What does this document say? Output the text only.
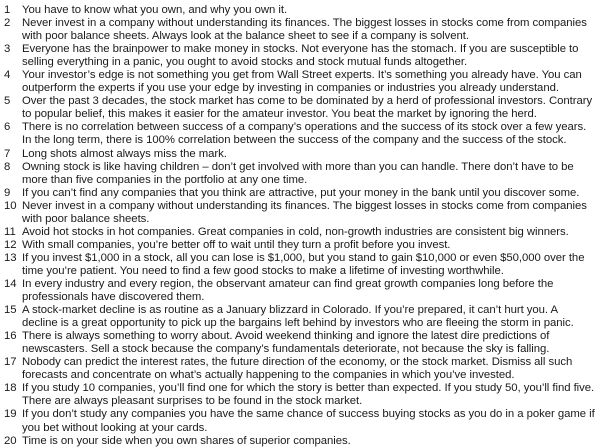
1	You have to know what you own, and why you own it.
2	Never invest in a company without understanding its finances. The biggest losses in stocks come from companies with poor balance sheets. Always look at the balance sheet to see if a company is solvent.
3	Everyone has the brainpower to make money in stocks. Not everyone has the stomach. If you are susceptible to selling everything in a panic, you ought to avoid stocks and stock mutual funds altogether.
4	Your investor’s edge is not something you get from Wall Street experts. It’s something you already have. You can outperform the experts if you use your edge by investing in companies or industries you already understand.
5	Over the past 3 decades, the stock market has come to be dominated by a herd of professional investors. Contrary to popular belief, this makes it easier for the amateur investor. You beat the market by ignoring the herd.
6	There is no correlation between success of a company’s operations and the success of its stock over a few years. In the long term, there is 100% correlation between the success of the company and the success of the stock.
7	Long shots almost always miss the mark.
8	Owning stock is like having children – don’t get involved with more than you can handle. There don’t have to be more than five companies in the portfolio at any one time.
9	If you can’t find any companies that you think are attractive, put your money in the bank until you discover some.
10 Never invest in a company without understanding its finances. The biggest losses in stocks come from companies with poor balance sheets.
11 Avoid hot stocks in hot companies. Great companies in cold, non-growth industries are consistent big winners.
12 With small companies, you’re better off to wait until they turn a profit before you invest.
13 If you invest $1,000 in a stock, all you can lose is $1,000, but you stand to gain $10,000 or even $50,000 over the time you’re patient. You need to find a few good stocks to make a lifetime of investing worthwhile.
14 In every industry and every region, the observant amateur can find great growth companies long before the professionals have discovered them.
15 A stock-market decline is as routine as a January blizzard in Colorado. If you’re prepared, it can’t hurt you. A decline is a great opportunity to pick up the bargains left behind by investors who are fleeing the storm in panic.
16 There is always something to worry about. Avoid weekend thinking and ignore the latest dire predictions of newscasters. Sell a stock because the company’s fundamentals deteriorate, not because the sky is falling.
17 Nobody can predict the interest rates, the future direction of the economy, or the stock market. Dismiss all such forecasts and concentrate on what’s actually happening to the companies in which you’ve invested.
18 If you study 10 companies, you’ll find one for which the story is better than expected. If you study 50, you’ll find five. There are always pleasant surprises to be found in the stock market.
19 If you don’t study any companies you have the same chance of success buying stocks as you do in a poker game if you bet without looking at your cards.
20 Time is on your side when you own shares of superior companies.
